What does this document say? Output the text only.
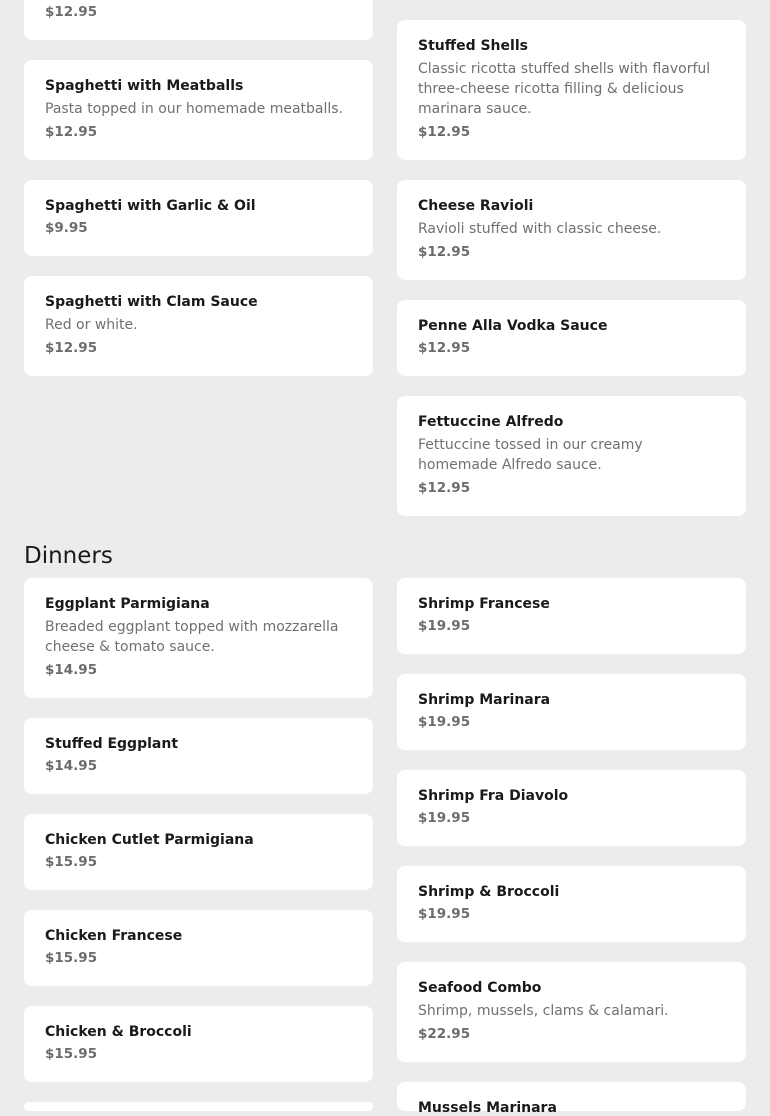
$12.95
Stuffed Shells
Classic ricotta stuffed shells with flavorful three-cheese ricotta filling & delicious marinara sauce.
$12.95
Spaghetti with Meatballs
Pasta topped in our homemade meatballs.
$12.95
Cheese Ravioli
Ravioli stuffed with classic cheese.
$12.95
Spaghetti with Garlic & Oil
$9.95
Penne Alla Vodka Sauce
$12.95
Spaghetti with Clam Sauce
Red or white.
$12.95
Fettuccine Alfredo
Fettuccine tossed in our creamy homemade Alfredo sauce.
$12.95
Dinners
Eggplant Parmigiana
Breaded eggplant topped with mozzarella cheese & tomato sauce.
$14.95
Shrimp Francese
$19.95
Stuffed Eggplant
$14.95
Shrimp Marinara
$19.95
Chicken Cutlet Parmigiana
$15.95
Shrimp Fra Diavolo
$19.95
Chicken Francese
$15.95
Shrimp & Broccoli
$19.95
Chicken & Broccoli
$15.95
Seafood Combo
Shrimp, mussels, clams & calamari.
$22.95
Mussels Marinara
